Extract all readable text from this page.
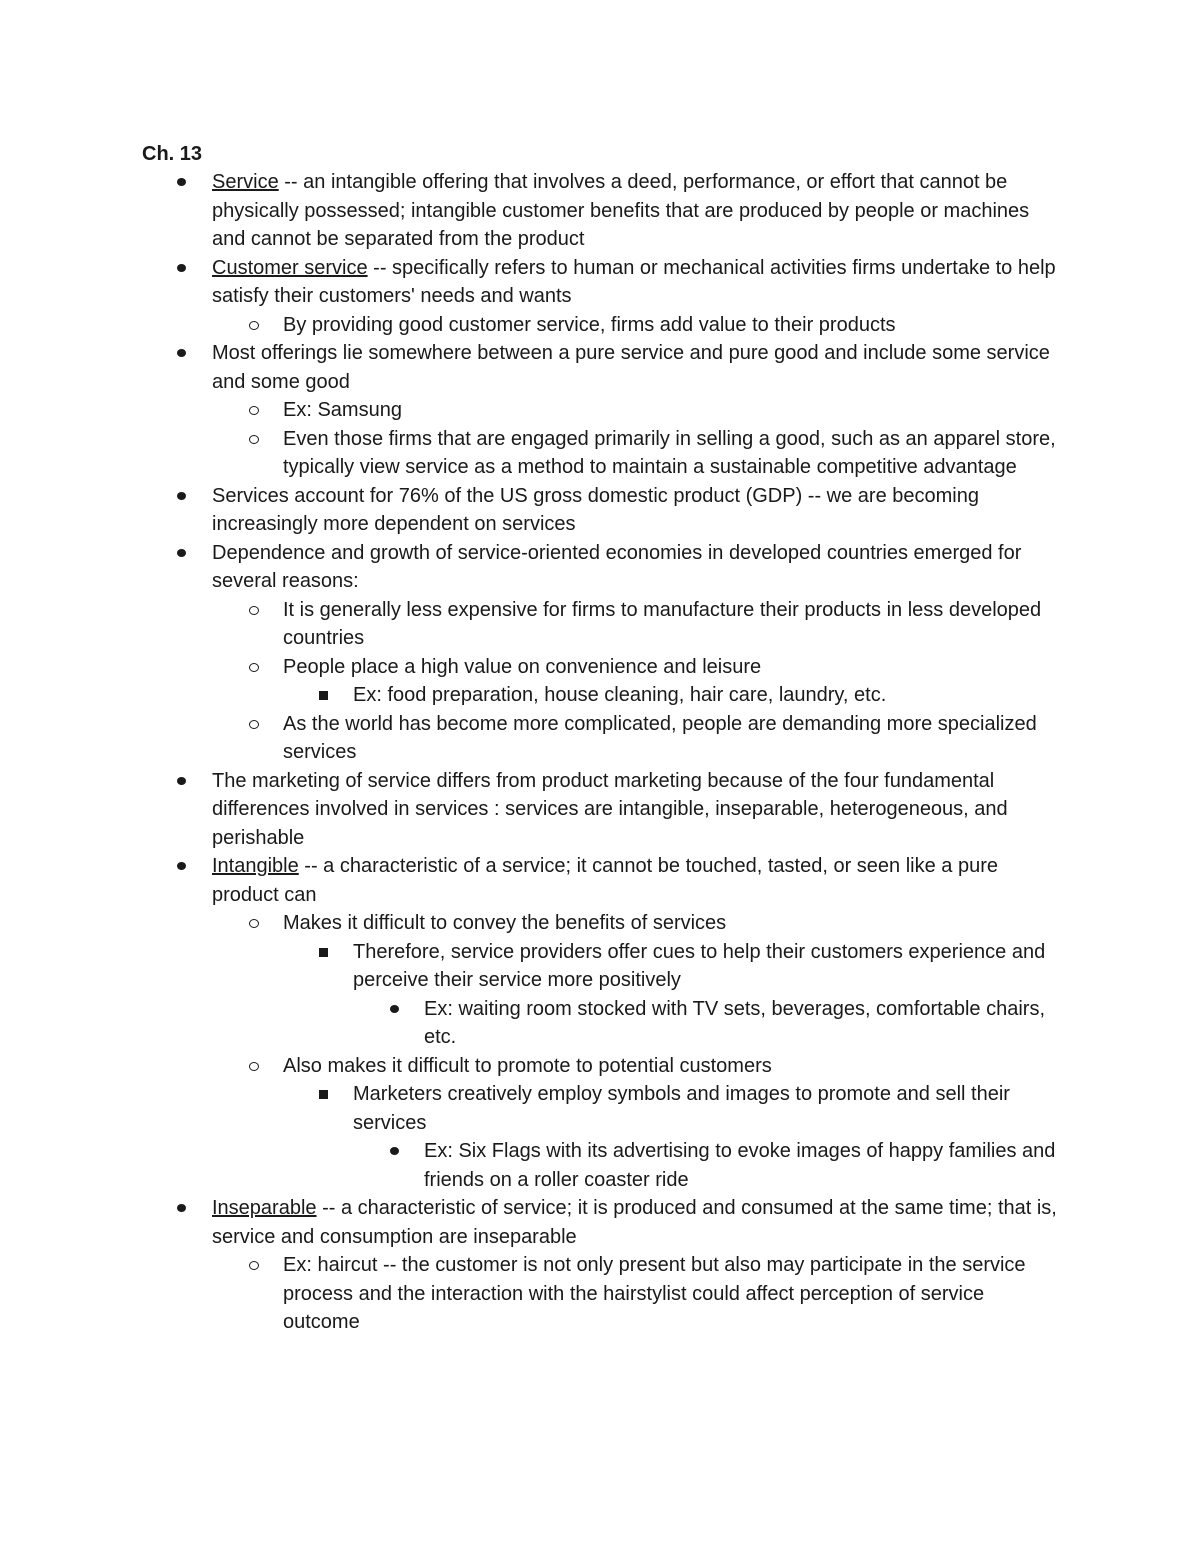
Ch. 13
Service -- an intangible offering that involves a deed, performance, or effort that cannot be physically possessed; intangible customer benefits that are produced by people or machines and cannot be separated from the product
Customer service -- specifically refers to human or mechanical activities firms undertake to help satisfy their customers' needs and wants
By providing good customer service, firms add value to their products
Most offerings lie somewhere between a pure service and pure good and include some service and some good
Ex: Samsung
Even those firms that are engaged primarily in selling a good, such as an apparel store, typically view service as a method to maintain a sustainable competitive advantage
Services account for 76% of the US gross domestic product (GDP) -- we are becoming increasingly more dependent on services
Dependence and growth of service-oriented economies in developed countries emerged for several reasons:
It is generally less expensive for firms to manufacture their products in less developed countries
People place a high value on convenience and leisure
Ex: food preparation, house cleaning, hair care, laundry, etc.
As the world has become more complicated, people are demanding more specialized services
The marketing of service differs from product marketing because of the four fundamental differences involved in services : services are intangible, inseparable, heterogeneous, and perishable
Intangible -- a characteristic of a service; it cannot be touched, tasted, or seen like a pure product can
Makes it difficult to convey the benefits of services
Therefore, service providers offer cues to help their customers experience and perceive their service more positively
Ex: waiting room stocked with TV sets, beverages, comfortable chairs, etc.
Also makes it difficult to promote to potential customers
Marketers creatively employ symbols and images to promote and sell their services
Ex: Six Flags with its advertising to evoke images of happy families and friends on a roller coaster ride
Inseparable -- a characteristic of service; it is produced and consumed at the same time; that is, service and consumption are inseparable
Ex: haircut -- the customer is not only present but also may participate in the service process and the interaction with the hairstylist could affect perception of service outcome
